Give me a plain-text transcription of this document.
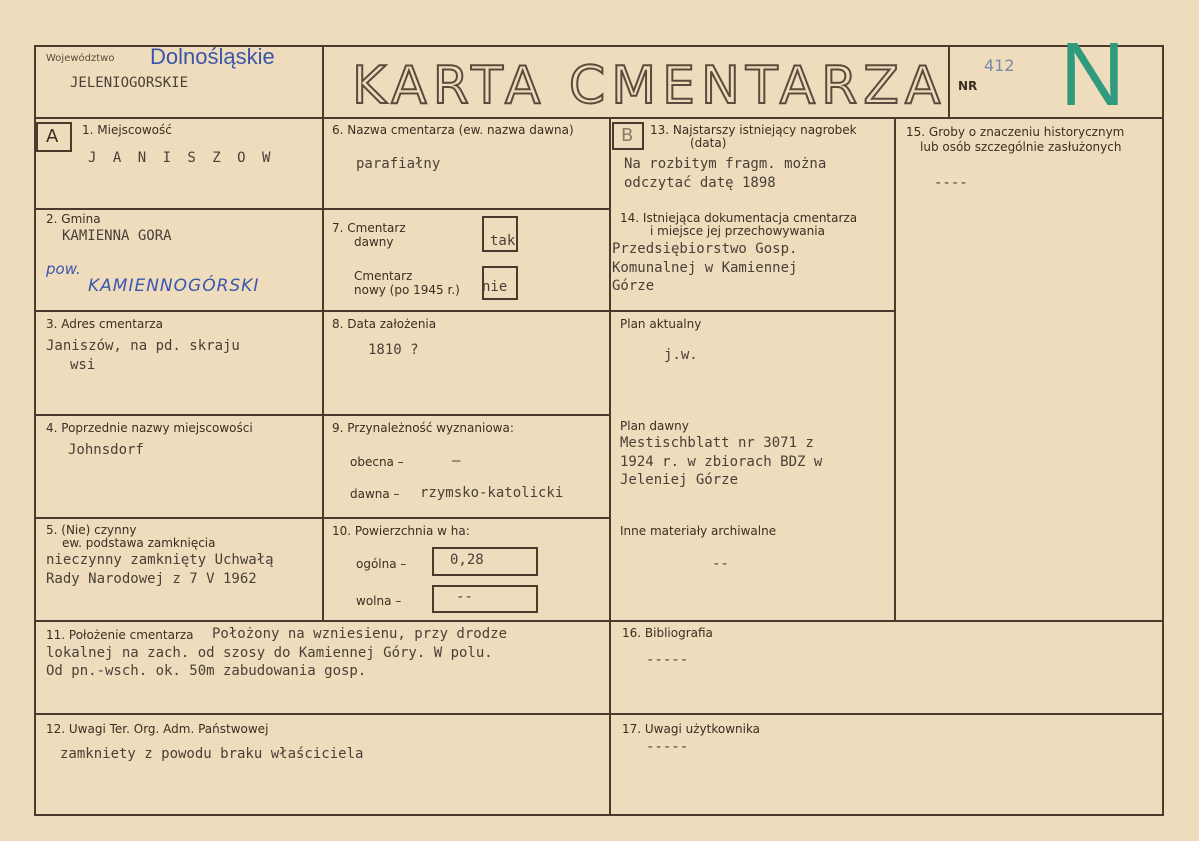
Województwo Dolnośląskie
JELENIOGORSKIE	KARTA CMENTARZA NR
412 N
A 1. Miejscowość
J A N I S Z O W
2. Gmina
KAMIENNA GORA
pow.
KAMIENNOGÓRSKI
3. Adres cmentarza
Janiszów, na pd. skraju
wsi
4. Poprzednie nazwy miejscowości
Johnsdorf
5. (Nie) czynny
ew. podstawa zamknięcia
nieczynny zamknięty Uchwałą
Rady Narodowej z 7 V 1962
6. Nazwa cmentarza (ew. nazwa dawna)
parafiałny
7. Cmentarz
dawny	tak
Cmentarz
nowy (po 1945 r.) nie
8. Data założenia
1810 ?
9. Przynależność wyznaniowa:
obecna –	—
dawna – rzymsko-katolicki
10. Powierzchnia w ha:
ogólna –	0,28
wolna –	--
B 13. Najstarszy istniejący nagrobek
(data)
Na rozbitym fragm. można
odczytać datę 1898
14. Istniejąca dokumentacja cmentarza
i miejsce jej przechowywania
Przedsiębiorstwo Gosp.
Komunalnej w Kamiennej
Górze
Plan aktualny
j.w.
Plan dawny
Mestischblatt nr 3071 z
1924 r. w zbiorach BDZ w
Jeleniej Górze
Inne materiały archiwalne
--
15. Groby o znaczeniu historycznym
lub osób szczególnie zasłużonych
----
11. Położenie cmentarza Położony na wzniesienu, przy drodze
lokalnej na zach. od szosy do Kamiennej Góry. W polu.
Od pn.-wsch. ok. 50m zabudowania gosp.
12. Uwagi Ter. Org. Adm. Państwowej
zamkniety z powodu braku właściciela
16. Bibliografia
-----
17. Uwagi użytkownika
-----
